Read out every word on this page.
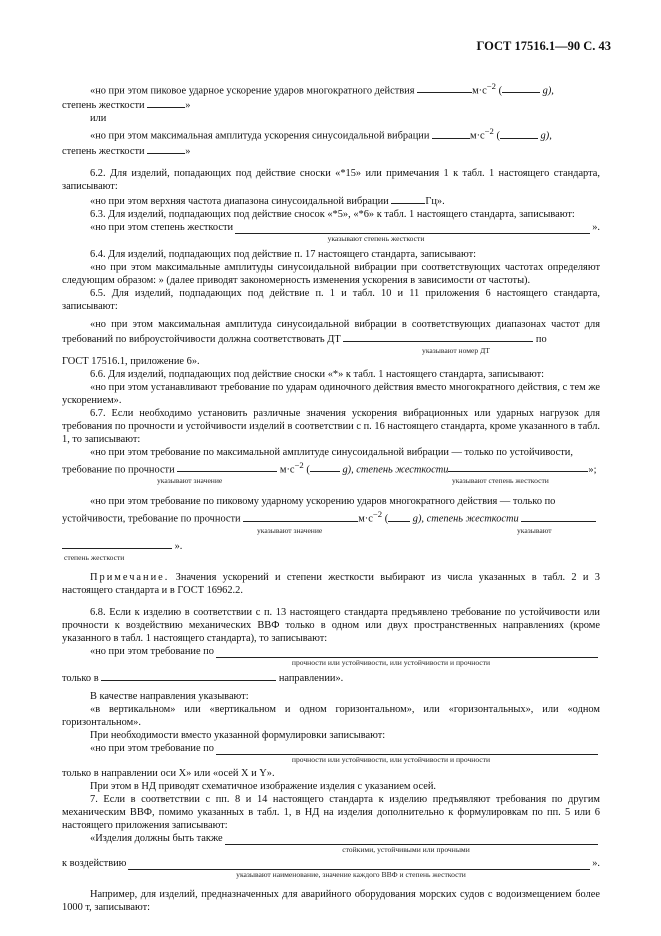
ГОСТ 17516.1—90 С. 43

«но при этом пиковое ударное ускорение ударов многократного действия	$м\cdot с^{-2}$ (	g),

степень жесткости	»

или

«но при этом максимальная амплитуда ускорения синусоидальной вибрации	$м\cdot с^{-2}$ (	g),

степень жесткости	»

6.2. Для изделий, попадающих под действие сноски «*15» или примечания 1 к табл. 1 настоящего стандарта, записывают:

«но при этом верхняя частота диапазона синусоидальной вибрации	Гц».

6.3. Для изделий, подпадающих под действие сносок «*5», «*6» к табл. 1 настоящего стандарта, записывают:

«но при этом степень жесткости	».
указывают степень жесткости

6.4. Для изделий, подпадающих под действие п. 17 настоящего стандарта, записывают:

«но при этом максимальные амплитуды синусоидальной вибрации при соответствующих частотах определяют следующим образом: » (далее приводят закономерность изменения ускорения в зависимости от частоты).

6.5. Для изделий, подпадающих под действие п. 1 и табл. 10 и 11 приложения 6 настоящего стандарта, записывают:

«но при этом максимальная амплитуда синусоидальной вибрации в соответствующих диапазонах частот для требований по виброустойчивости должна соответствовать ДТ	по

указывают номер ДТ

ГОСТ 17516.1, приложение 6».

6.6. Для изделий, подпадающих под действие сноски «*» к табл. 1 настоящего стандарта, записывают:

«но при этом устанавливают требование по ударам одиночного действия вместо многократного действия, с тем же ускорением».

6.7. Если необходимо установить различные значения ускорения вибрационных или ударных нагрузок для требования по прочности и устойчивости изделий в соответствии с п. 16 настоящего стандарта, кроме указанного в табл. 1, то записывают:

«но при этом требование по максимальной амплитуде синусоидальной вибрации — только по устойчивости,

требование по прочности	$м\cdot с^{-2}$ (	g), степень жесткости	»;

указывают значение	указывают степень жесткости

«но при этом требование по пиковому ударному ускорению ударов многократного действия — только по

устойчивости, требование по прочности	$м\cdot с^{-2}$ ( g), степень жесткости

указывают значение	указывают

».

степень жесткости

Примечание. Значения ускорений и степени жесткости выбирают из числа указанных в табл. 2 и 3 настоящего стандарта и в ГОСТ 16962.2.

6.8. Если к изделию в соответствии с п. 13 настоящего стандарта предъявлено требование по устойчивости или прочности к воздействию механических ВВФ только в одном или двух пространственных направлениях (кроме указанного в табл. 1 настоящего стандарта), то записывают:

«но при этом требование по
прочности или устойчивости, или устойчивости и прочности

только в	направлении».

В качестве направления указывают:

«в вертикальном» или «вертикальном и одном горизонтальном», или «горизонтальных», или «одном горизонтальном».

При необходимости вместо указанной формулировки записывают:

«но при этом требование по
прочности или устойчивости, или устойчивости и прочности

только в направлении оси X» или «осей X и Y».

При этом в НД приводят схематичное изображение изделия с указанием осей.

7. Если в соответствии с пп. 8 и 14 настоящего стандарта к изделию предъявляют требования по другим механическим ВВФ, помимо указанных в табл. 1, в НД на изделия дополнительно к формулировкам по пп. 5 или 6 настоящего приложения записывают:

«Изделия должны быть также
стойкими, устойчивыми или прочными
к воздействию	».
указывают наименование, значение каждого ВВФ и степень жесткости

Например, для изделий, предназначенных для аварийного оборудования морских судов с водоизмещением более 1000 т, записывают:
